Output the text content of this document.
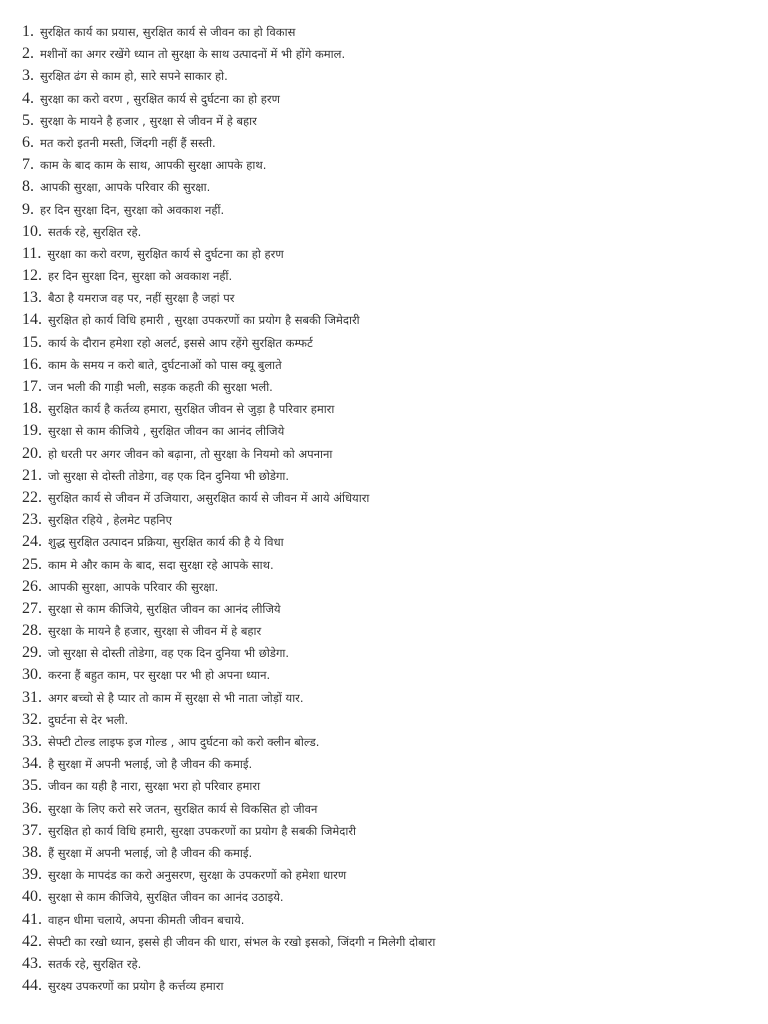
1. सुरक्षित कार्य का प्रयास, सुरक्षित कार्य से जीवन का हो विकास
2. मशीनों का अगर रखेंगे ध्यान तो सुरक्षा के साथ उत्पादनों में भी होंगे कमाल.
3. सुरक्षित ढंग से काम हो, सारे सपने साकार हो.
4. सुरक्षा का करो वरण , सुरक्षित कार्य से दुर्घटना का हो हरण
5. सुरक्षा के मायने है हजार , सुरक्षा से जीवन में हे बहार
6. मत करो इतनी मस्ती, जिंदगी नहीं हैं सस्ती.
7. काम के बाद काम के साथ, आपकी सुरक्षा आपके हाथ.
8. आपकी सुरक्षा, आपके परिवार की सुरक्षा.
9. हर दिन सुरक्षा दिन, सुरक्षा को अवकाश नहीं.
10. सतर्क रहे, सुरक्षित रहे.
11. सुरक्षा का करो वरण, सुरक्षित कार्य से दुर्घटना का हो हरण
12. हर दिन सुरक्षा दिन, सुरक्षा को अवकाश नहीं.
13. बैठा है यमराज वह पर, नहीं सुरक्षा है जहां पर
14. सुरक्षित हो कार्य विधि हमारी , सुरक्षा उपकरणों का प्रयोग है सबकी जिमेदारी
15. कार्य के दौरान हमेशा रहो अलर्ट, इससे आप रहेंगे सुरक्षित कम्फर्ट
16. काम के समय न करो बाते, दुर्घटनाओं को पास क्यू बुलाते
17. जन भली की गाड़ी भली, सड़क कहती की सुरक्षा भली.
18. सुरक्षित कार्य है कर्तव्य हमारा, सुरक्षित जीवन से जुड़ा है परिवार हमारा
19. सुरक्षा से काम कीजिये , सुरक्षित जीवन का आनंद लीजिये
20. हो धरती पर अगर जीवन को बढ़ाना, तो सुरक्षा के नियमो को अपनाना
21. जो सुरक्षा से दोस्ती तोडेगा, वह एक दिन दुनिया भी छोडेगा.
22. सुरक्षित कार्य से जीवन में उजियारा, असुरक्षित कार्य से जीवन में आये अंधियारा
23. सुरक्षित रहिये , हेलमेट पहनिए
24. शुद्ध सुरक्षित उत्पादन प्रक्रिया, सुरक्षित कार्य की है ये विधा
25. काम मे और काम के बाद, सदा सुरक्षा रहे आपके साथ.
26. आपकी सुरक्षा, आपके परिवार की सुरक्षा.
27. सुरक्षा से काम कीजिये, सुरक्षित जीवन का आनंद लीजिये
28. सुरक्षा के मायने है हजार, सुरक्षा से जीवन में हे बहार
29. जो सुरक्षा से दोस्ती तोडेगा, वह एक दिन दुनिया भी छोडेगा.
30. करना हैं बहुत काम, पर सुरक्षा पर भी हो अपना ध्यान.
31. अगर बच्चो से है प्यार तो काम में सुरक्षा से भी नाता जोड़ों यार.
32. दुघर्टना से देर भली.
33. सेफ्टी टोल्ड लाइफ इज गोल्ड , आप दुर्घटना को करो क्लीन बोल्ड.
34. है सुरक्षा में अपनी भलाई, जो है जीवन की कमाई.
35. जीवन का यही है नारा, सुरक्षा भरा हो परिवार हमारा
36. सुरक्षा के लिए करो सरे जतन, सुरक्षित कार्य से विकसित हो जीवन
37. सुरक्षित हो कार्य विधि हमारी, सुरक्षा उपकरणों का प्रयोग है सबकी जिमेदारी
38. हैं सुरक्षा में अपनी भलाई, जो है जीवन की कमाई.
39. सुरक्षा के मापदंड का करो अनुसरण, सुरक्षा के उपकरणों को हमेशा धारण
40. सुरक्षा से काम कीजिये, सुरक्षित जीवन का आनंद उठाइये.
41. वाहन धीमा चलाये, अपना कीमती जीवन बचाये.
42. सेफ्टी का रखो ध्यान, इससे ही जीवन की धारा, संभल के रखो इसको, जिंदगी न मिलेगी दोबारा
43. सतर्क रहे, सुरक्षित रहे.
44. सुरक्ष्य उपकरणों का प्रयोग है कर्त्तव्य हमारा
